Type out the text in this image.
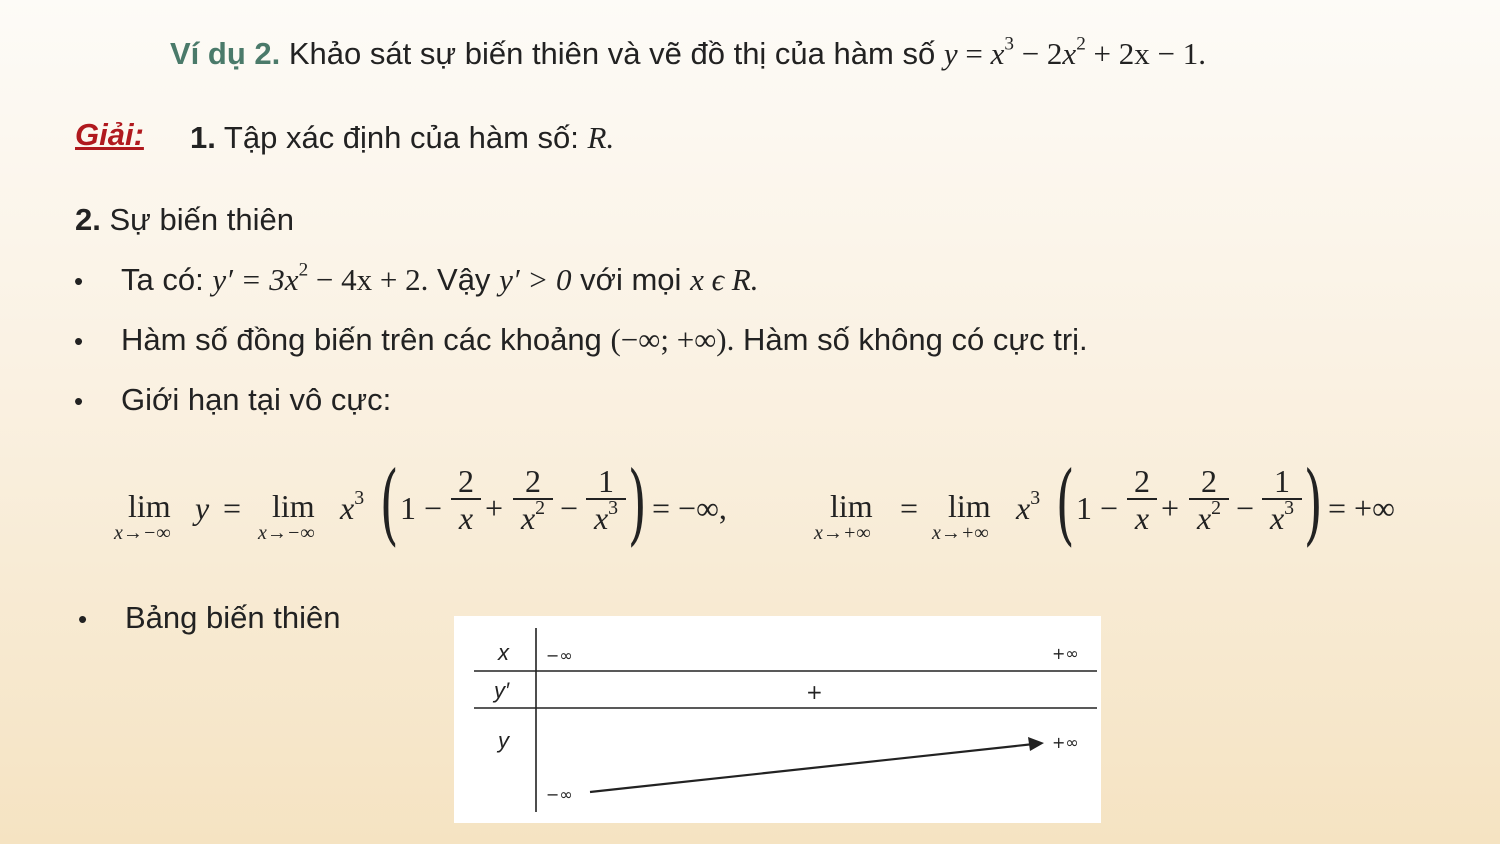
Ví dụ 2. Khảo sát sự biến thiên và vẽ đồ thị của hàm số $y = x^3 - 2x^2 + 2x - 1$.
Giải: 1. Tập xác định của hàm số: R.
2. Sự biến thiên
• Ta có: $y' = 3x^2 - 4x + 2$. Vậy y′ > 0 với mọi x ϵ R.
• Hàm số đồng biến trên các khoảng (−∞; +∞). Hàm số không có cực trị.
• Giới hạn tại vô cực:
lim
x→−∞
y = lim
x→−∞
$x^3$ ( $1 - \frac{2}{x} + \frac{2}{x^2} - \frac{1}{x^3}$ ) = −∞,	lim
x→+∞
= lim
x→+∞
$x^3$ ( $1 - \frac{2}{x} + \frac{2}{x^2} - \frac{1}{x^3}$ ) = +∞
• Bảng biến thiên
x
y′
y
−∞	+∞
+
+∞
−∞
